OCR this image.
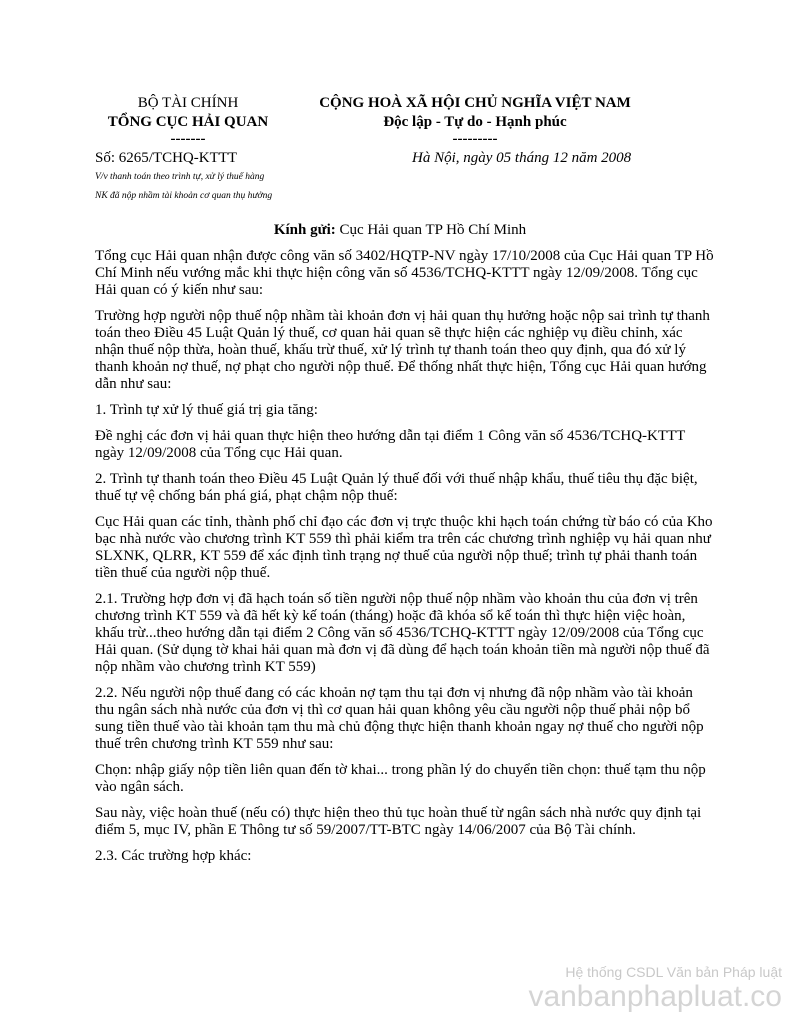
BỘ TÀI CHÍNH
TỔNG CỤC HẢI QUAN
-------
CỘNG HOÀ XÃ HỘI CHỦ NGHĨA VIỆT NAM
Độc lập - Tự do - Hạnh phúc
---------
Số: 6265/TCHQ-KTTT	Hà Nội, ngày 05 tháng 12 năm 2008
V/v thanh toán theo trình tự, xử lý thuế hàng
NK đã nộp nhầm tài khoản cơ quan thụ hưởng
Kính gửi: Cục Hải quan TP Hồ Chí Minh

Tổng cục Hải quan nhận được công văn số 3402/HQTP-NV ngày 17/10/2008 của Cục Hải quan TP Hồ Chí Minh nếu vướng mắc khi thực hiện công văn số 4536/TCHQ-KTTT ngày 12/09/2008. Tổng cục Hải quan có ý kiến như sau:

Trường hợp người nộp thuế nộp nhầm tài khoản đơn vị hải quan thụ hưởng hoặc nộp sai trình tự thanh toán theo Điều 45 Luật Quản lý thuế, cơ quan hải quan sẽ thực hiện các nghiệp vụ điều chỉnh, xác nhận thuế nộp thừa, hoàn thuế, khấu trừ thuế, xử lý trình tự thanh toán theo quy định, qua đó xử lý thanh khoản nợ thuế, nợ phạt cho người nộp thuế. Để thống nhất thực hiện, Tổng cục Hải quan hướng dẫn như sau:

1. Trình tự xử lý thuế giá trị gia tăng:

Đề nghị các đơn vị hải quan thực hiện theo hướng dẫn tại điểm 1 Công văn số 4536/TCHQ-KTTT ngày 12/09/2008 của Tổng cục Hải quan.

2. Trình tự thanh toán theo Điều 45 Luật Quản lý thuế đối với thuế nhập khẩu, thuế tiêu thụ đặc biệt, thuế tự vệ chống bán phá giá, phạt chậm nộp thuế:

Cục Hải quan các tỉnh, thành phố chỉ đạo các đơn vị trực thuộc khi hạch toán chứng từ báo có của Kho bạc nhà nước vào chương trình KT 559 thì phải kiểm tra trên các chương trình nghiệp vụ hải quan như SLXNK, QLRR, KT 559 để xác định tình trạng nợ thuế của người nộp thuế; trình tự phải thanh toán tiền thuế của người nộp thuế.

2.1. Trường hợp đơn vị đã hạch toán số tiền người nộp thuế nộp nhầm vào khoản thu của đơn vị trên chương trình KT 559 và đã hết kỳ kế toán (tháng) hoặc đã khóa sổ kế toán thì thực hiện việc hoàn, khấu trừ...theo hướng dẫn tại điểm 2 Công văn số 4536/TCHQ-KTTT ngày 12/09/2008 của Tổng cục Hải quan. (Sử dụng tờ khai hải quan mà đơn vị đã dùng để hạch toán khoản tiền mà người nộp thuế đã nộp nhầm vào chương trình KT 559)

2.2. Nếu người nộp thuế đang có các khoản nợ tạm thu tại đơn vị nhưng đã nộp nhầm vào tài khoản thu ngân sách nhà nước của đơn vị thì cơ quan hải quan không yêu cầu người nộp thuế phải nộp bổ sung tiền thuế vào tài khoản tạm thu mà chủ động thực hiện thanh khoản ngay nợ thuế cho người nộp thuế trên chương trình KT 559 như sau:

Chọn: nhập giấy nộp tiền liên quan đến tờ khai... trong phần lý do chuyển tiền chọn: thuế tạm thu nộp vào ngân sách.

Sau này, việc hoàn thuế (nếu có) thực hiện theo thủ tục hoàn thuế từ ngân sách nhà nước quy định tại điểm 5, mục IV, phần E Thông tư số 59/2007/TT-BTC ngày 14/06/2007 của Bộ Tài chính.

2.3. Các trường hợp khác:

Hệ thống CSDL Văn bản Pháp luật
vanbanphapluat.co
